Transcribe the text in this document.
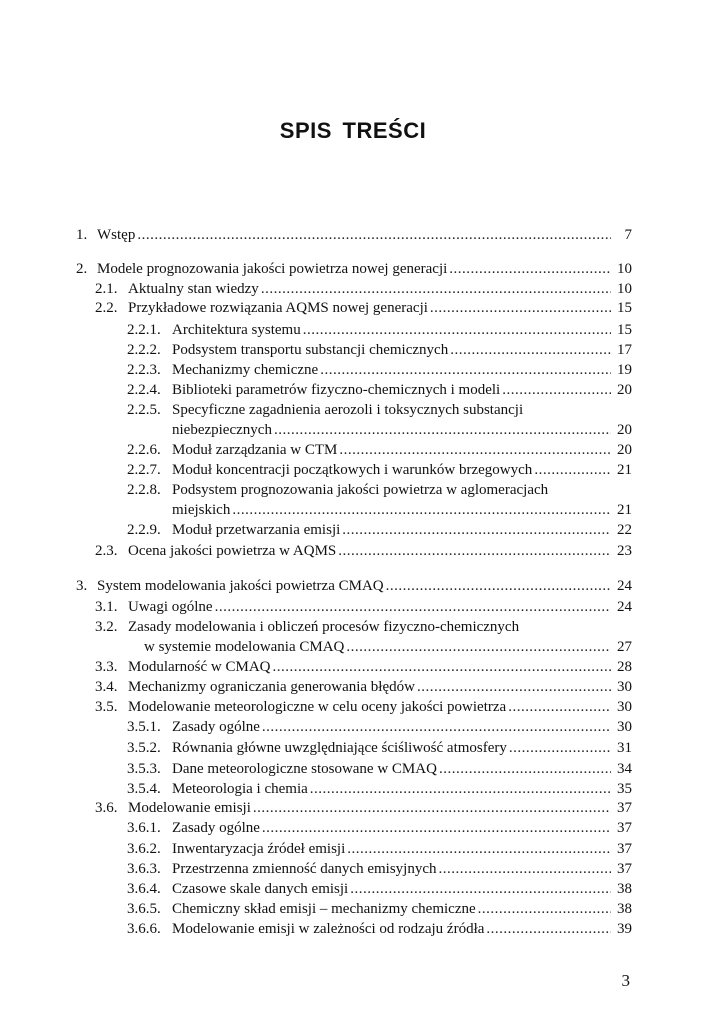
SPIS TREŚCI
1. Wstęp .....	7
2. Modele prognozowania jakości powietrza nowej generacji .....	10
2.1. Aktualny stan wiedzy .....	10
2.2. Przykładowe rozwiązania AQMS nowej generacji .....	15
2.2.1. Architektura systemu .....	15
2.2.2. Podsystem transportu substancji chemicznych .....	17
2.2.3. Mechanizmy chemiczne .....	19
2.2.4. Biblioteki parametrów fizyczno-chemicznych i modeli .....	20
2.2.5. Specyficzne zagadnienia aerozoli i toksycznych substancji
niebezpiecznych .....	20
2.2.6. Moduł zarządzania w CTM .....	20
2.2.7. Moduł koncentracji początkowych i warunków brzegowych .....	21
2.2.8. Podsystem prognozowania jakości powietrza w aglomeracjach
miejskich .....	21
2.2.9. Moduł przetwarzania emisji .....	22
2.3. Ocena jakości powietrza w AQMS .....	23
3. System modelowania jakości powietrza CMAQ .....	24
3.1. Uwagi ogólne .....	24
3.2. Zasady modelowania i obliczeń procesów fizyczno-chemicznych
w systemie modelowania CMAQ .....	27
3.3. Modularność w CMAQ .....	28
3.4. Mechanizmy ograniczania generowania błędów .....	30
3.5. Modelowanie meteorologiczne w celu oceny jakości powietrza .....	30
3.5.1. Zasady ogólne .....	30
3.5.2. Równania główne uwzględniające ściśliwość atmosfery .....	31
3.5.3. Dane meteorologiczne stosowane w CMAQ .....	34
3.5.4. Meteorologia i chemia .....	35
3.6. Modelowanie emisji .....	37
3.6.1. Zasady ogólne .....	37
3.6.2. Inwentaryzacja źródeł emisji .....	37
3.6.3. Przestrzenna zmienność danych emisyjnych .....	37
3.6.4. Czasowe skale danych emisji .....	38
3.6.5. Chemiczny skład emisji – mechanizmy chemiczne .....	38
3.6.6. Modelowanie emisji w zależności od rodzaju źródła .....	39
3
